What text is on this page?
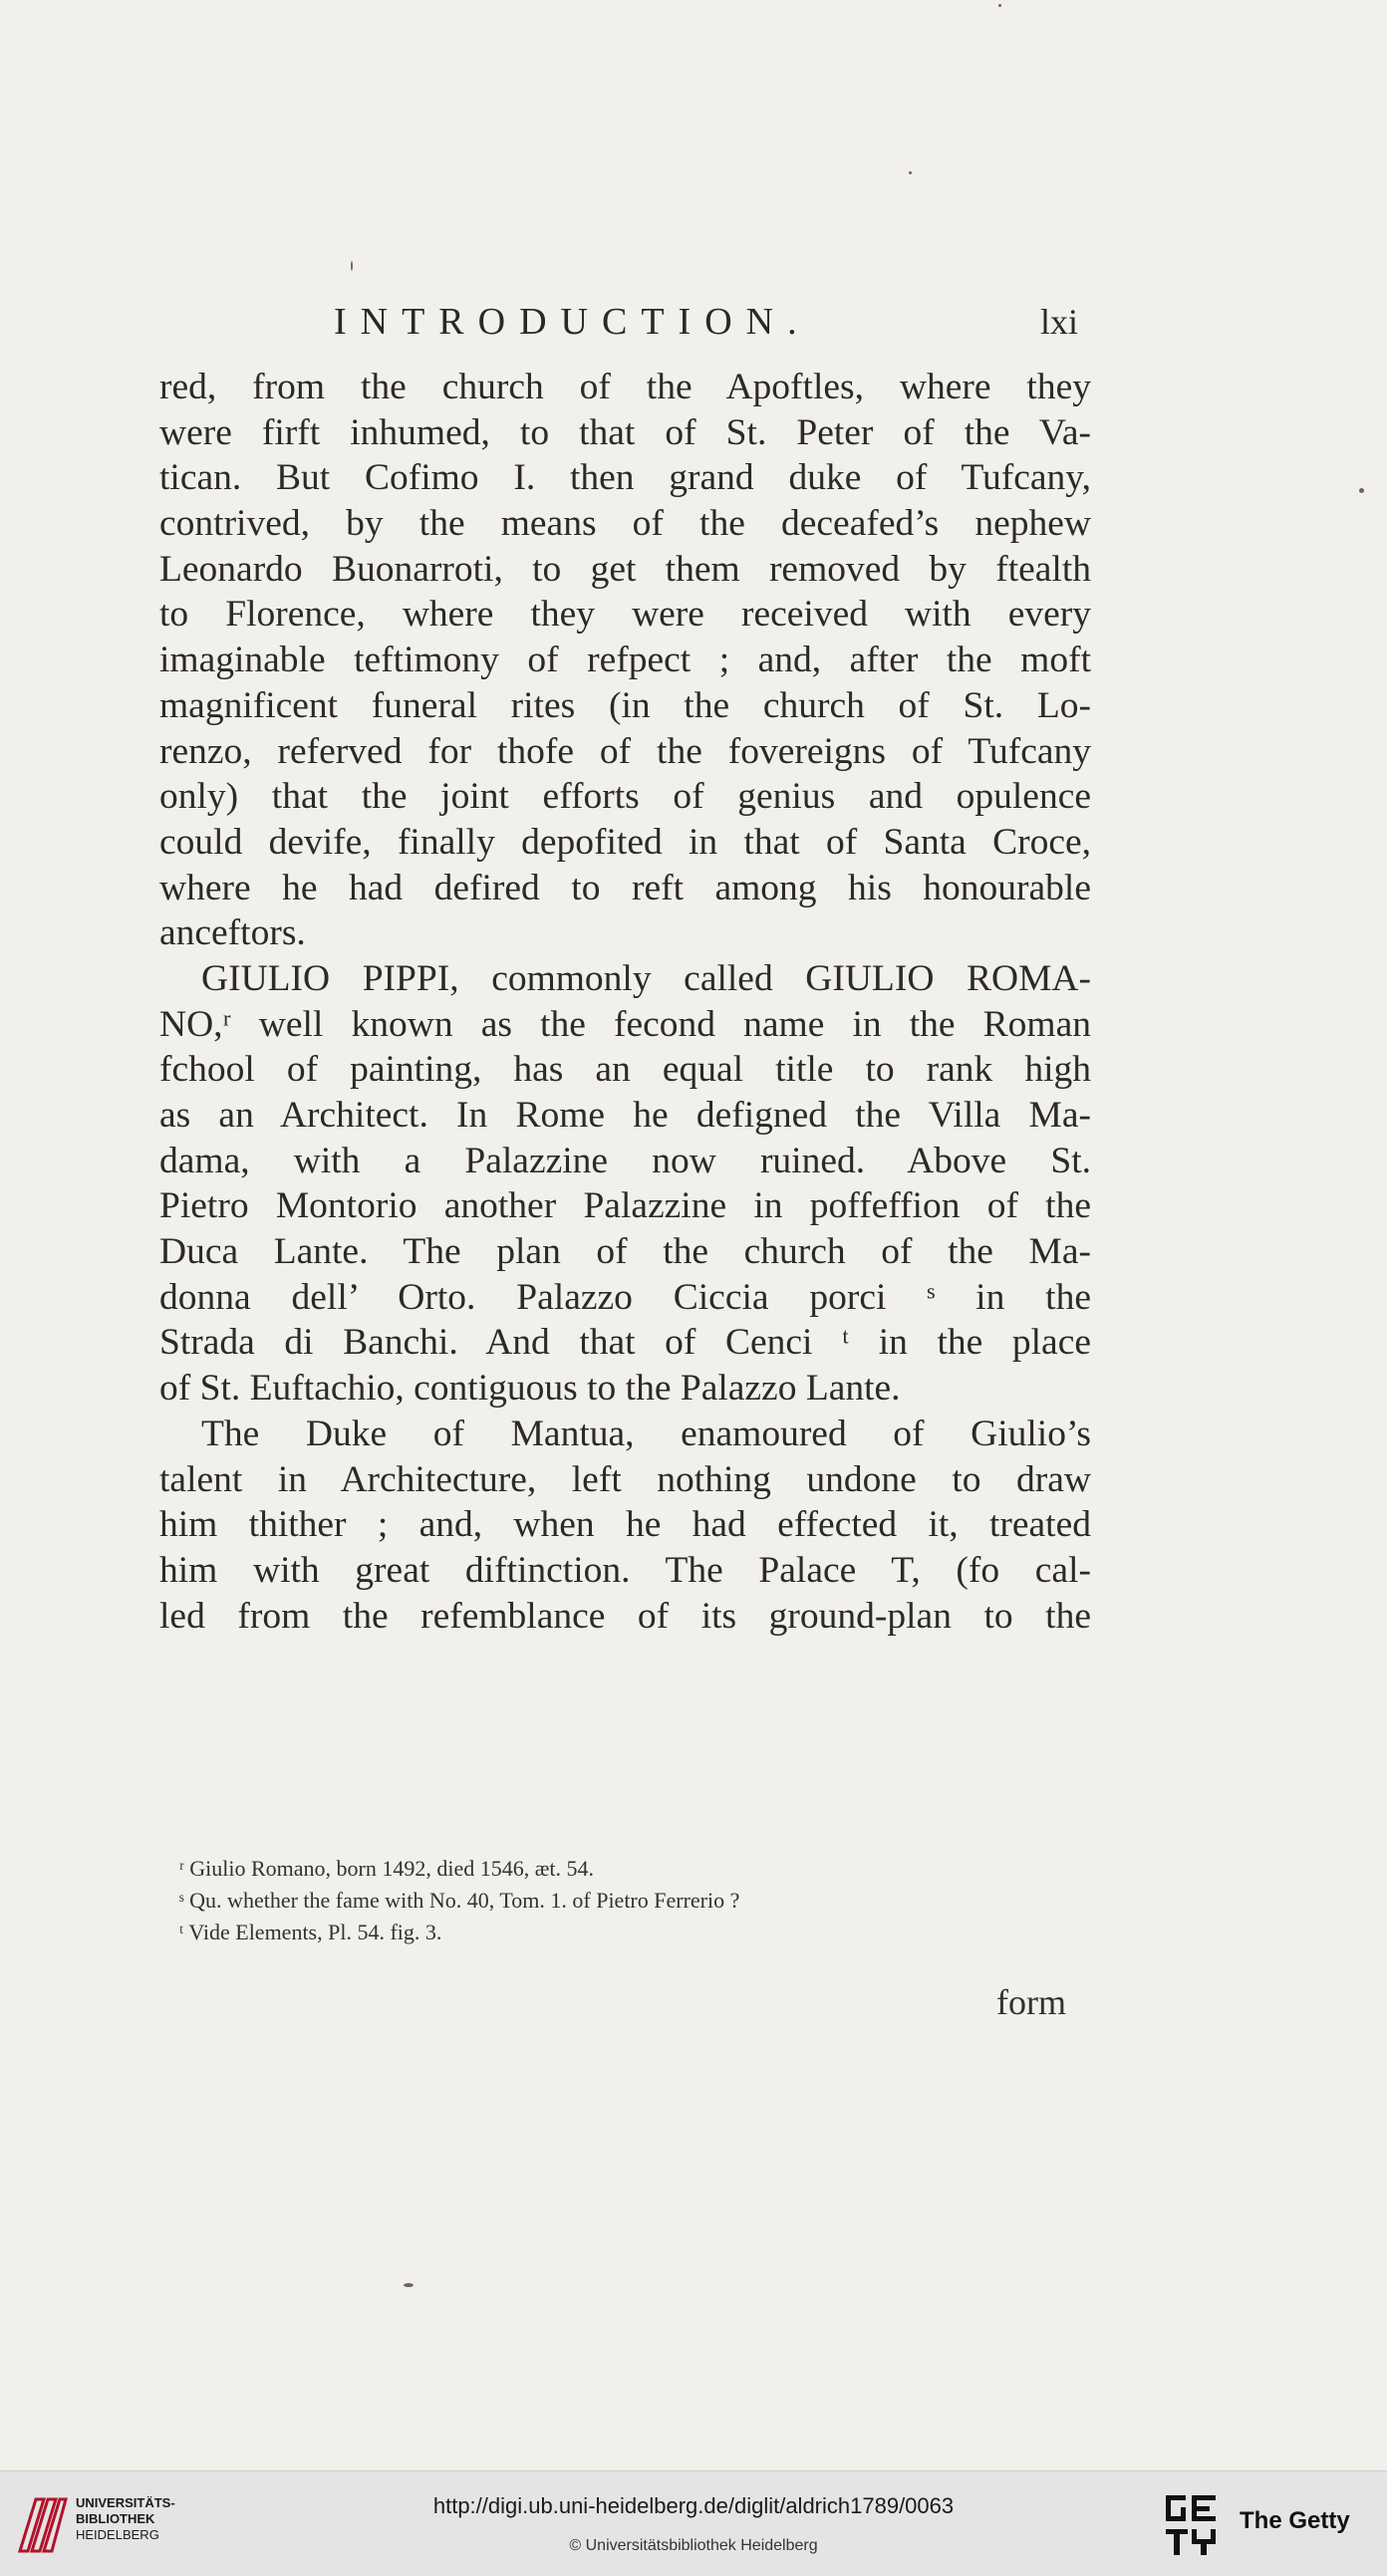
INTRODUCTION.	lxi
red, from the church of the Apoftles, where they
were firft inhumed, to that of St. Peter of the Va-
tican. But Cofimo I. then grand duke of Tufcany,
contrived, by the means of the deceafed’s nephew
Leonardo Buonarroti, to get them removed by ftealth
to Florence, where they were received with every
imaginable teftimony of refpect ; and, after the moft
magnificent funeral rites (in the church of St. Lo-
renzo, referved for thofe of the fovereigns of Tufcany
only) that the joint efforts of genius and opulence
could devife, finally depofited in that of Santa Croce,
where he had defired to reft among his honourable
anceftors.
GIULIO PIPPI, commonly called GIULIO ROMA-
NO,ʳ well known as the fecond name in the Roman
fchool of painting, has an equal title to rank high
as an Architect. In Rome he defigned the Villa Ma-
dama, with a Palazzine now ruined. Above St.
Pietro Montorio another Palazzine in poffeffion of the
Duca Lante. The plan of the church of the Ma-
donna dell’ Orto. Palazzo Ciccia porci ˢ in the
Strada di Banchi. And that of Cenci ᵗ in the place
of St. Euftachio, contiguous to the Palazzo Lante.
The Duke of Mantua, enamoured of Giulio’s
talent in Architecture, left nothing undone to draw
him thither ; and, when he had effected it, treated
him with great diftinction. The Palace T, (fo cal-
led from the refemblance of its ground-plan to the
ʳ Giulio Romano, born 1492, died 1546, æt. 54.
ˢ Qu. whether the fame with No. 40, Tom. 1. of Pietro Ferrerio ?
ᵗ Vide Elements, Pl. 54. fig. 3.
form
UNIVERSITÄTS-
BIBLIOTHEK
HEIDELBERG
http://digi.ub.uni-heidelberg.de/diglit/aldrich1789/0063
© Universitätsbibliothek Heidelberg
The Getty
